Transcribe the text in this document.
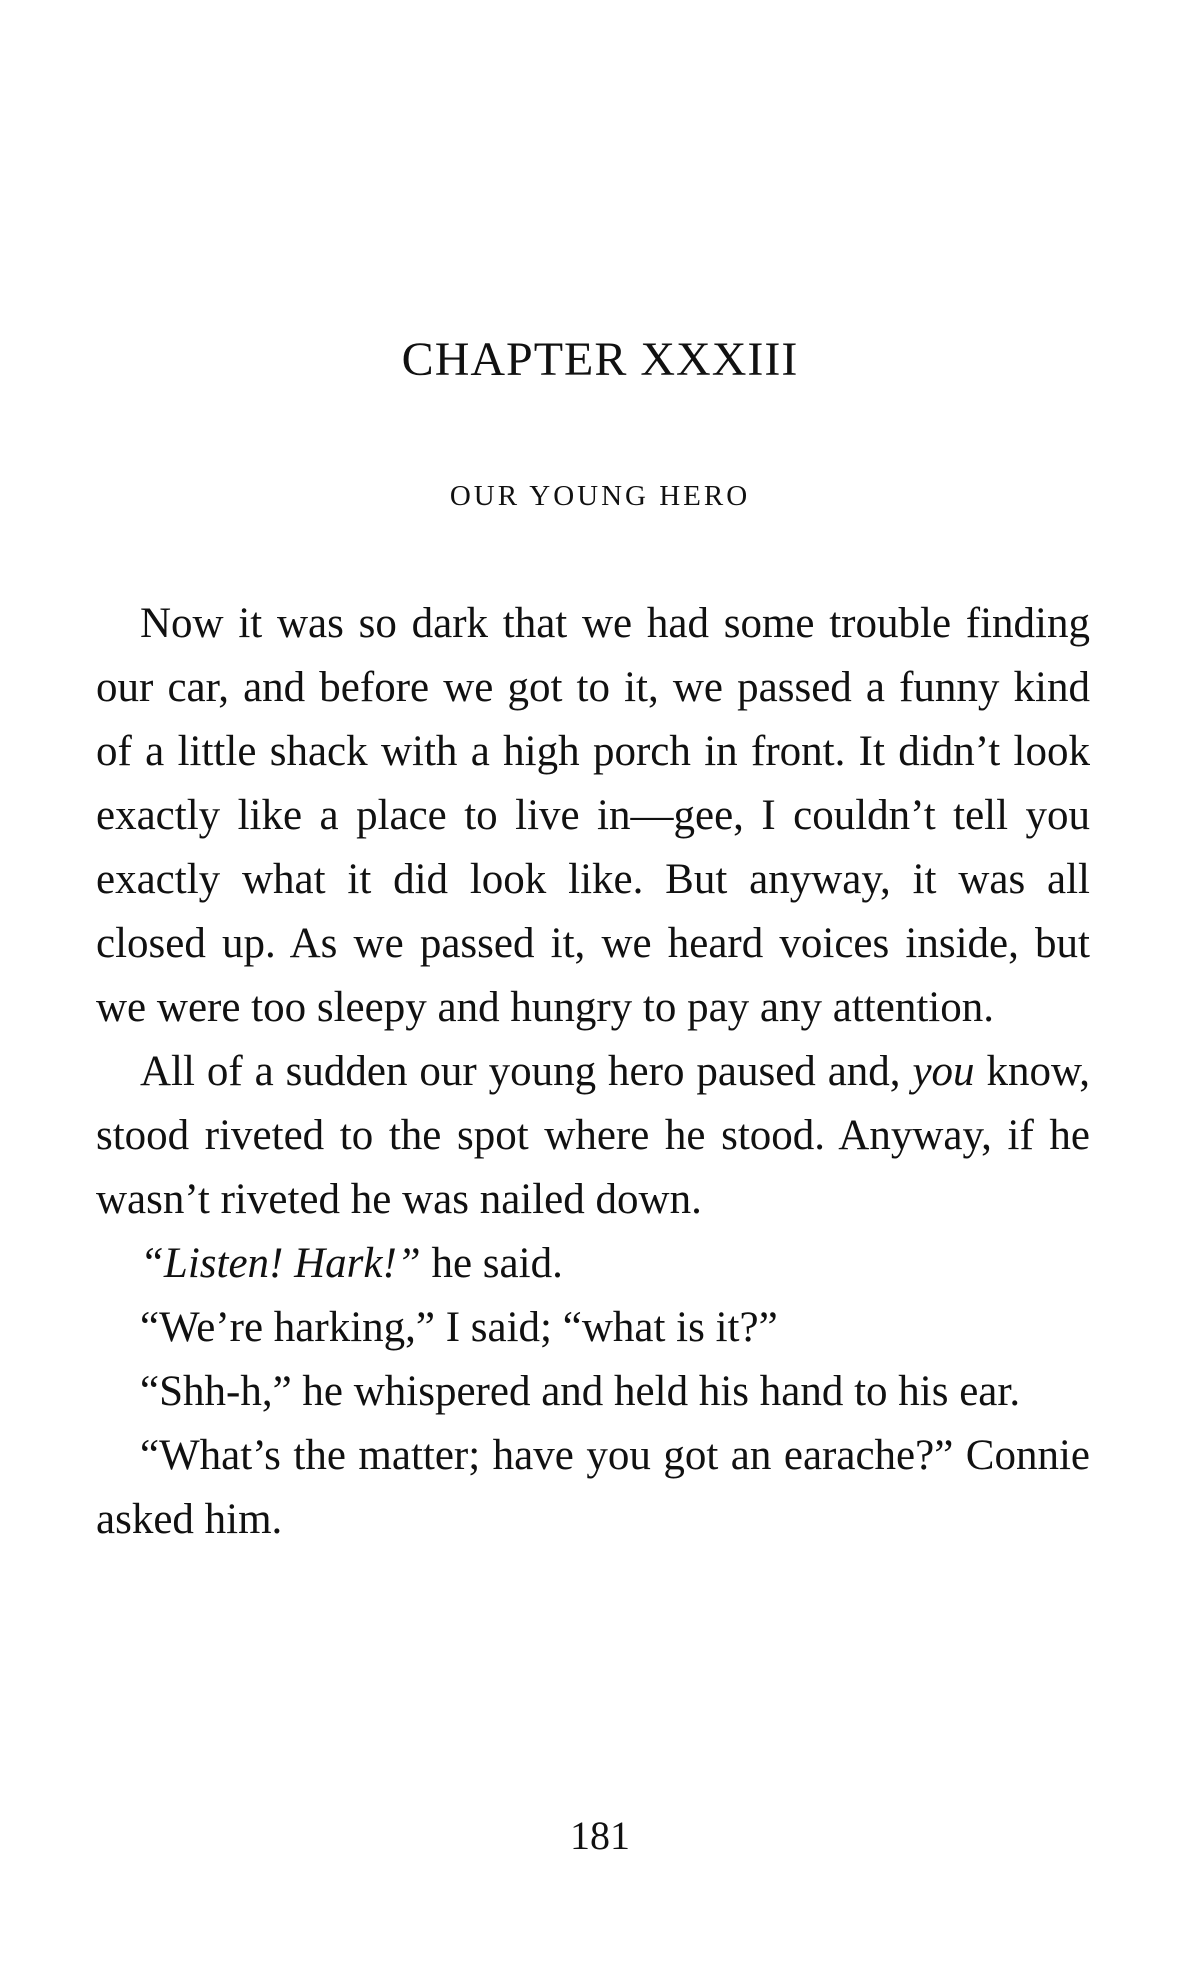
CHAPTER XXXIII
OUR YOUNG HERO

Now it was so dark that we had some trouble finding our car, and before we got to it, we passed a funny kind of a little shack with a high porch in front. It didn’t look exactly like a place to live in—gee, I couldn’t tell you exactly what it did look like. But anyway, it was all closed up. As we passed it, we heard voices inside, but we were too sleepy and hungry to pay any attention.

All of a sudden our young hero paused and, you know, stood riveted to the spot where he stood. Anyway, if he wasn’t riveted he was nailed down.

“Listen! Hark!” he said.

“We’re harking,” I said; “what is it?”

“Shh-h,” he whispered and held his hand to his ear.

“What’s the matter; have you got an earache?” Connie asked him.

181
